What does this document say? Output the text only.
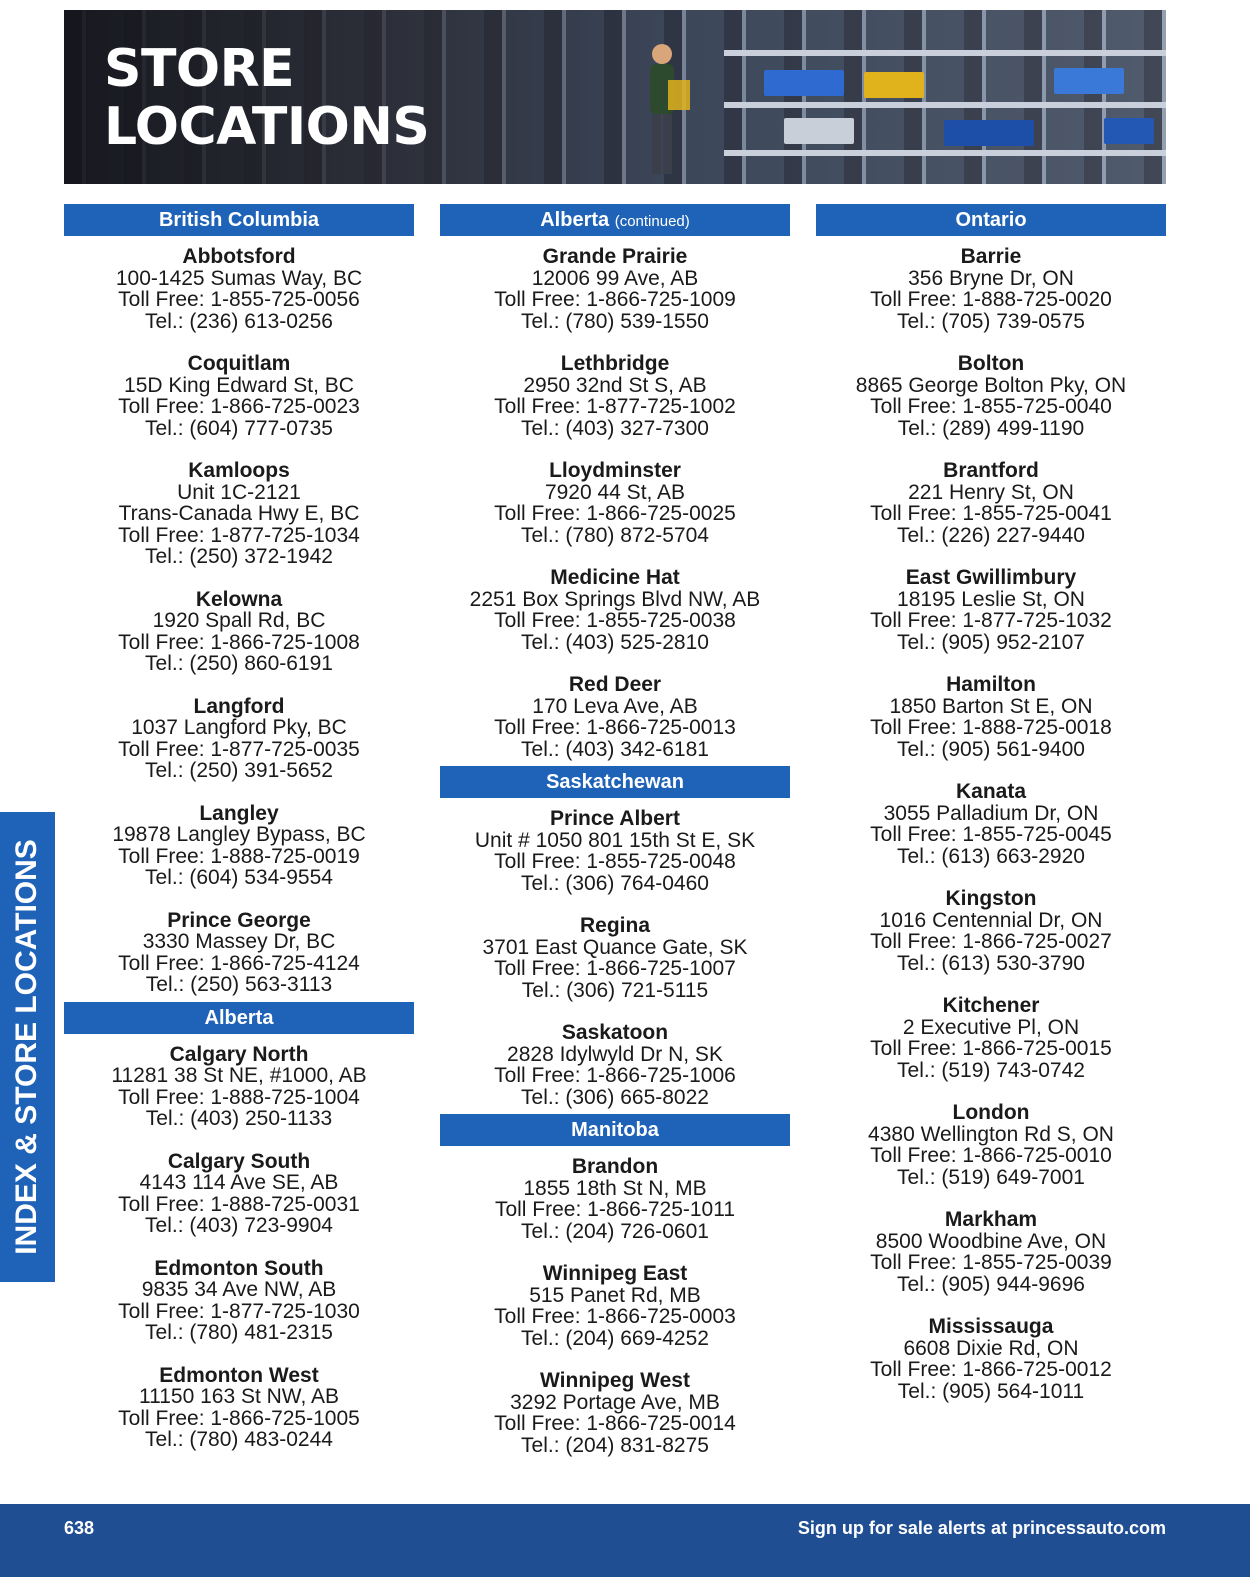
STORE
LOCATIONS
British Columbia
Abbotsford
100-1425 Sumas Way, BC
Toll Free: 1-855-725-0056
Tel.: (236) 613-0256
Coquitlam
15D King Edward St, BC
Toll Free: 1-866-725-0023
Tel.: (604) 777-0735
Kamloops
Unit 1C-2121
Trans-Canada Hwy E, BC
Toll Free: 1-877-725-1034
Tel.: (250) 372-1942
Kelowna
1920 Spall Rd, BC
Toll Free: 1-866-725-1008
Tel.: (250) 860-6191
Langford
1037 Langford Pky, BC
Toll Free: 1-877-725-0035
Tel.: (250) 391-5652
Langley
19878 Langley Bypass, BC
Toll Free: 1-888-725-0019
Tel.: (604) 534-9554
Prince George
3330 Massey Dr, BC
Toll Free: 1-866-725-4124
Tel.: (250) 563-3113
Alberta
Calgary North
11281 38 St NE, #1000, AB
Toll Free: 1-888-725-1004
Tel.: (403) 250-1133
Calgary South
4143 114 Ave SE, AB
Toll Free: 1-888-725-0031
Tel.: (403) 723-9904
Edmonton South
9835 34 Ave NW, AB
Toll Free: 1-877-725-1030
Tel.: (780) 481-2315
Edmonton West
11150 163 St NW, AB
Toll Free: 1-866-725-1005
Tel.: (780) 483-0244
Alberta (continued)
Grande Prairie
12006 99 Ave, AB
Toll Free: 1-866-725-1009
Tel.: (780) 539-1550
Lethbridge
2950 32nd St S, AB
Toll Free: 1-877-725-1002
Tel.: (403) 327-7300
Lloydminster
7920 44 St, AB
Toll Free: 1-866-725-0025
Tel.: (780) 872-5704
Medicine Hat
2251 Box Springs Blvd NW, AB
Toll Free: 1-855-725-0038
Tel.: (403) 525-2810
Red Deer
170 Leva Ave, AB
Toll Free: 1-866-725-0013
Tel.: (403) 342-6181
Saskatchewan
Prince Albert
Unit # 1050 801 15th St E, SK
Toll Free: 1-855-725-0048
Tel.: (306) 764-0460
Regina
3701 East Quance Gate, SK
Toll Free: 1-866-725-1007
Tel.: (306) 721-5115
Saskatoon
2828 Idylwyld Dr N, SK
Toll Free: 1-866-725-1006
Tel.: (306) 665-8022
Manitoba
Brandon
1855 18th St N, MB
Toll Free: 1-866-725-1011
Tel.: (204) 726-0601
Winnipeg East
515 Panet Rd, MB
Toll Free: 1-866-725-0003
Tel.: (204) 669-4252
Winnipeg West
3292 Portage Ave, MB
Toll Free: 1-866-725-0014
Tel.: (204) 831-8275
Ontario
Barrie
356 Bryne Dr, ON
Toll Free: 1-888-725-0020
Tel.: (705) 739-0575
Bolton
8865 George Bolton Pky, ON
Toll Free: 1-855-725-0040
Tel.: (289) 499-1190
Brantford
221 Henry St, ON
Toll Free: 1-855-725-0041
Tel.: (226) 227-9440
East Gwillimbury
18195 Leslie St, ON
Toll Free: 1-877-725-1032
Tel.: (905) 952-2107
Hamilton
1850 Barton St E, ON
Toll Free: 1-888-725-0018
Tel.: (905) 561-9400
Kanata
3055 Palladium Dr, ON
Toll Free: 1-855-725-0045
Tel.: (613) 663-2920
Kingston
1016 Centennial Dr, ON
Toll Free: 1-866-725-0027
Tel.: (613) 530-3790
Kitchener
2 Executive Pl, ON
Toll Free: 1-866-725-0015
Tel.: (519) 743-0742
London
4380 Wellington Rd S, ON
Toll Free: 1-866-725-0010
Tel.: (519) 649-7001
Markham
8500 Woodbine Ave, ON
Toll Free: 1-855-725-0039
Tel.: (905) 944-9696
Mississauga
6608 Dixie Rd, ON
Toll Free: 1-866-725-0012
Tel.: (905) 564-1011
INDEX & STORE LOCATIONS
638	Sign up for sale alerts at princessauto.com
